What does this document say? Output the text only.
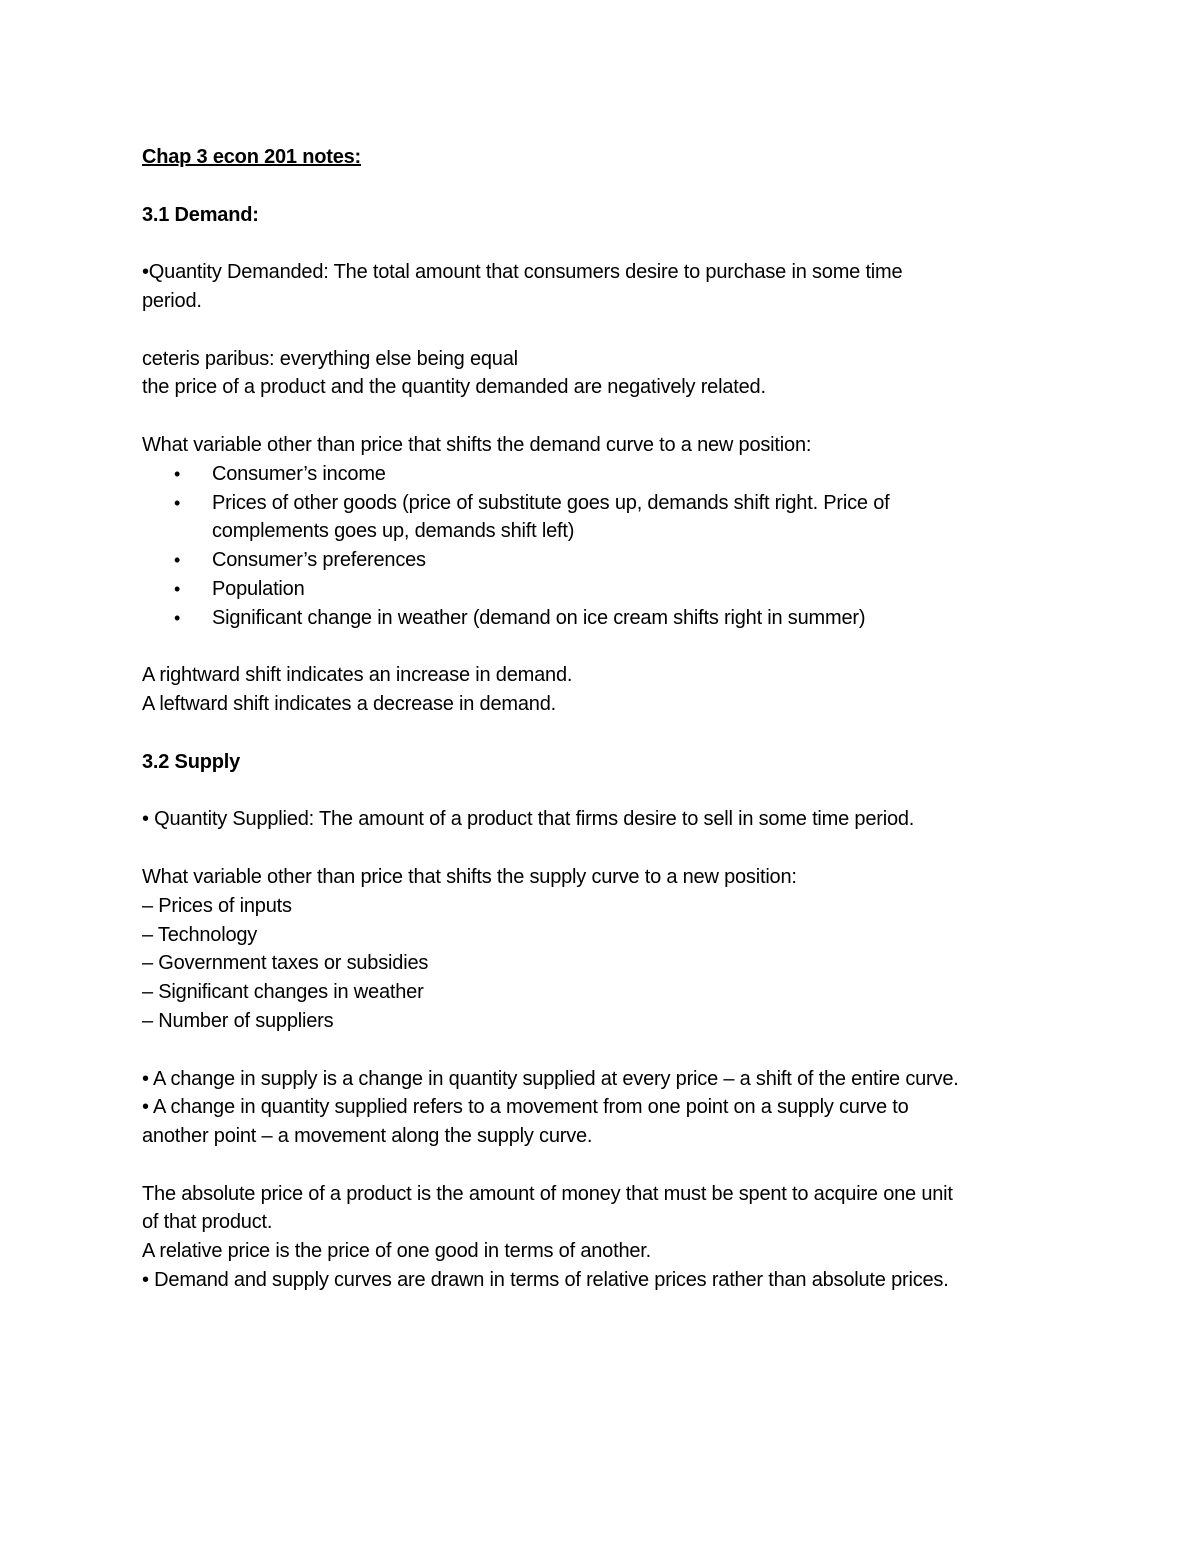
Chap 3 econ 201 notes:

3.1 Demand:

•Quantity Demanded: The total amount that consumers desire to purchase in some time
period.

ceteris paribus: everything else being equal

the price of a product and the quantity demanded are negatively related.

What variable other than price that shifts the demand curve to a new position:

• Consumer’s income
• Prices of other goods (price of substitute goes up, demands shift right. Price of
complements goes up, demands shift left)
• Consumer’s preferences
• Population
• Significant change in weather (demand on ice cream shifts right in summer)

A rightward shift indicates an increase in demand.

A leftward shift indicates a decrease in demand.

3.2 Supply

• Quantity Supplied: The amount of a product that firms desire to sell in some time period.

What variable other than price that shifts the supply curve to a new position:

– Prices of inputs

– Technology

– Government taxes or subsidies

– Significant changes in weather

– Number of suppliers

• A change in supply is a change in quantity supplied at every price – a shift of the entire curve.

• A change in quantity supplied refers to a movement from one point on a supply curve to
another point – a movement along the supply curve.

The absolute price of a product is the amount of money that must be spent to acquire one unit
of that product.

A relative price is the price of one good in terms of another.

• Demand and supply curves are drawn in terms of relative prices rather than absolute prices.
